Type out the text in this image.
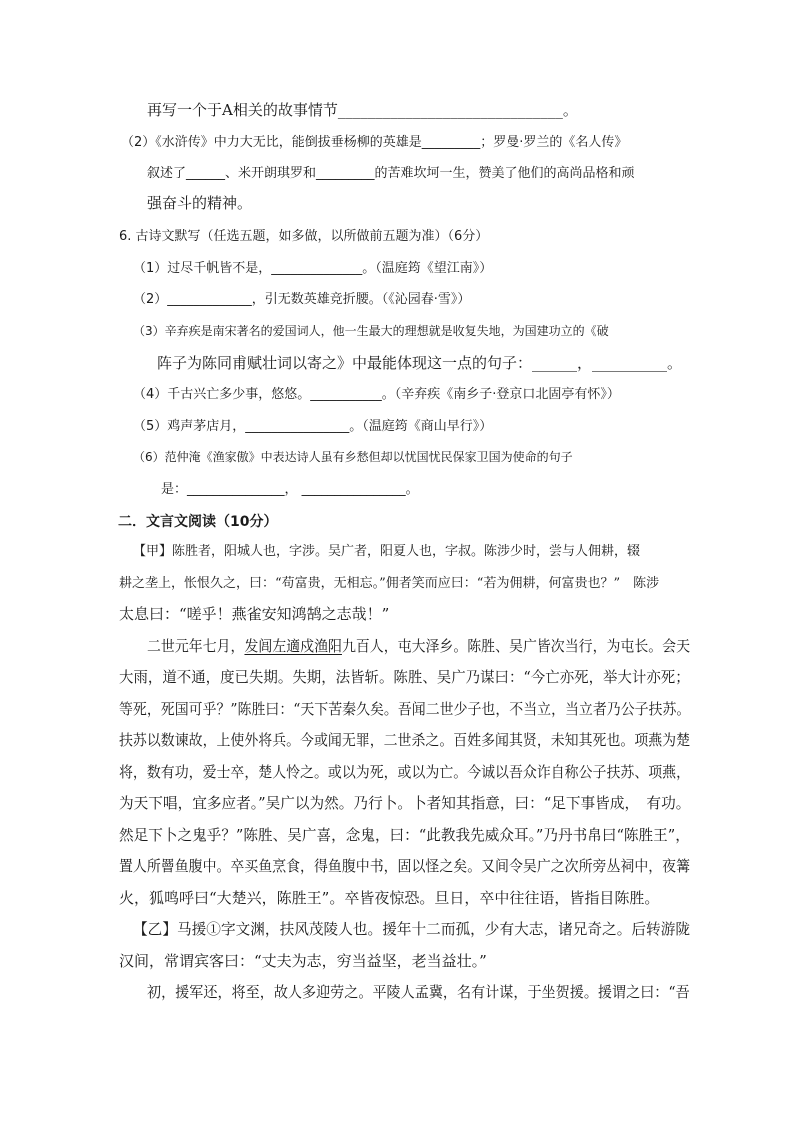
再写一个于A相关的故事情节______________________________。
（2）《水浒传》中力大无比，能倒拔垂杨柳的英雄是_________；罗曼·罗兰的《名人传》
叙述了______、米开朗琪罗和_________的苦难坎坷一生，赞美了他们的高尚品格和顽
强奋斗的精神。
6. 古诗文默写（任选五题，如多做，以所做前五题为准）（6分）
（1）过尽千帆皆不是，______________。（温庭筠《望江南》）
（2）_____________，引无数英雄竞折腰。（《沁园春·雪》）
（3）辛弃疾是南宋著名的爱国词人，他一生最大的理想就是收复失地，为国建功立的《破
阵子为陈同甫赋壮词以寄之》中最能体现这一点的句子：______，__________。
（4）千古兴亡多少事，悠悠。___________。（辛弃疾《南乡子·登京口北固亭有怀》）
（5）鸡声茅店月，________________。（温庭筠《商山早行》）
（6）范仲淹《渔家傲》中表达诗人虽有乡愁但却以忧国忧民保家卫国为使命的句子
是：_______________， ________________。
二．文言文阅读（10分）
【甲】陈胜者，阳城人也，字涉。吴广者，阳夏人也，字叔。陈涉少时，尝与人佣耕，辍
耕之垄上，怅恨久之，曰：“苟富贵，无相忘。”佣者笑而应曰：“若为佣耕，何富贵也？”　陈涉
太息曰：“嗟乎！燕雀安知鸿鹄之志哉！”
二世元年七月，发闾左適戍渔阳九百人，屯大泽乡。陈胜、吴广皆次当行，为屯长。会天
大雨，道不通，度已失期。失期，法皆斩。陈胜、吴广乃谋曰：“今亡亦死，举大计亦死；
等死，死国可乎？”陈胜曰：“天下苦秦久矣。吾闻二世少子也，不当立，当立者乃公子扶苏。
扶苏以数谏故，上使外将兵。今或闻无罪，二世杀之。百姓多闻其贤，未知其死也。项燕为楚
将，数有功，爱士卒，楚人怜之。或以为死，或以为亡。今诚以吾众诈自称公子扶苏、项燕，
为天下唱，宜多应者。”吴广以为然。乃行卜。卜者知其指意，曰：“足下事皆成，　有功。
然足下卜之鬼乎？”陈胜、吴广喜，念鬼，曰：“此教我先威众耳。”乃丹书帛曰“陈胜王”，
置人所罾鱼腹中。卒买鱼烹食，得鱼腹中书，固以怪之矣。又间令吴广之次所旁丛祠中，夜篝
火，狐鸣呼曰“大楚兴，陈胜王”。卒皆夜惊恐。旦日，卒中往往语，皆指目陈胜。
【乙】马援①字文渊，扶风茂陵人也。援年十二而孤，少有大志，诸兄奇之。后转游陇
汉间，常谓宾客曰：“丈夫为志，穷当益坚，老当益壮。”
初，援军还，将至，故人多迎劳之。平陵人孟冀，名有计谋，于坐贺援。援谓之曰：“吾
